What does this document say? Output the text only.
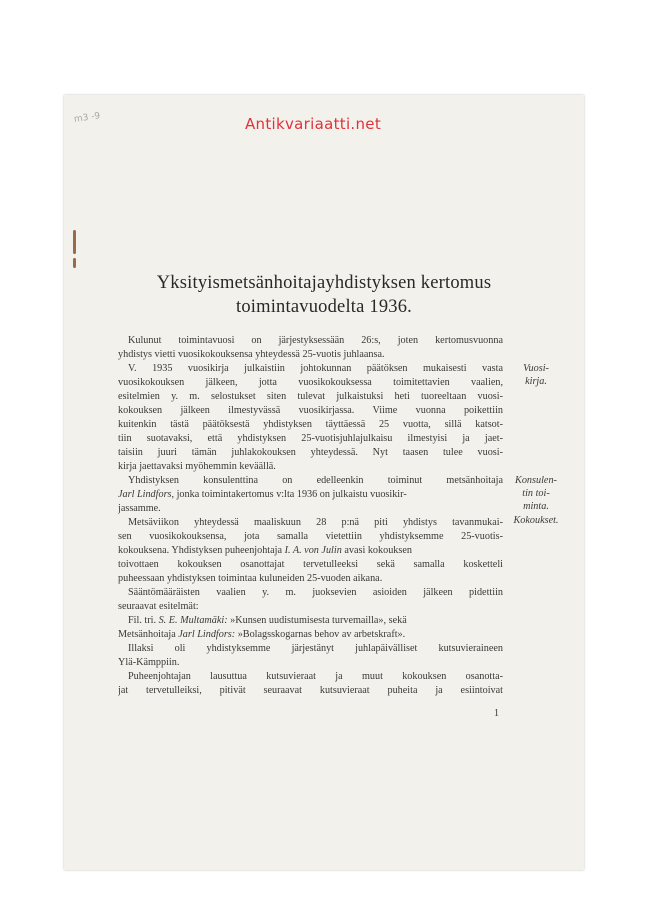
m3 -9	Antikvariaatti.net
Yksityismetsänhoitajayhdistyksen kertomus
toimintavuodelta 1936.
Kulunut toimintavuosi on järjestyksessään 26:s, joten kertomusvuonna
yhdistys vietti vuosikokouksensa yhteydessä 25-vuotis juhlaansa.
V. 1935 vuosikirja julkaistiin johtokunnan päätöksen mukaisesti vasta
vuosikokouksen jälkeen, jotta vuosikokouksessa toimitettavien vaalien,
esitelmien y. m. selostukset siten tulevat julkaistuksi heti tuoreeltaan vuosi-
kokouksen jälkeen ilmestyvässä vuosikirjassa. Viime vuonna poikettiin
kuitenkin tästä päätöksestä yhdistyksen täyttäessä 25 vuotta, sillä katsot-
tiin suotavaksi, että yhdistyksen 25-vuotisjuhlajulkaisu ilmestyisi ja jaet-
taisiin juuri tämän juhlakokouksen yhteydessä. Nyt taasen tulee vuosi-
kirja jaettavaksi myöhemmin keväällä.
Yhdistyksen konsulenttina on edelleenkin toiminut metsänhoitaja
Jarl Lindfors, jonka toimintakertomus v:lta 1936 on julkaistu vuosikir-
jassamme.
Metsäviikon yhteydessä maaliskuun 28 p:nä piti yhdistys tavanmukai-
sen vuosikokouksensa, jota samalla vietettiin yhdistyksemme 25-vuotis-
kokouksena. Yhdistyksen puheenjohtaja I. A. von Julin avasi kokouksen
toivottaen kokouksen osanottajat tervetulleeksi sekä samalla kosketteli
puheessaan yhdistyksen toimintaa kuluneiden 25-vuoden aikana.
Sääntömääräisten vaalien y. m. juoksevien asioiden jälkeen pidettiin
seuraavat esitelmät:
Fil. tri. S. E. Multamäki: »Kunsen uudistumisesta turvemailla», sekä
Metsänhoitaja Jarl Lindfors: »Bolagsskogarnas behov av arbetskraft».
Illaksi oli yhdistyksemme järjestänyt juhlapäivälliset kutsuvieraineen
Ylä-Kämppiin.
Puheenjohtajan lausuttua kutsuvieraat ja muut kokouksen osanotta-
jat tervetulleiksi, pitivät seuraavat kutsuvieraat puheita ja esiintoivat
Vuosi-
kirja.
Konsulen-
tin toi-
minta.
Kokoukset.
1
